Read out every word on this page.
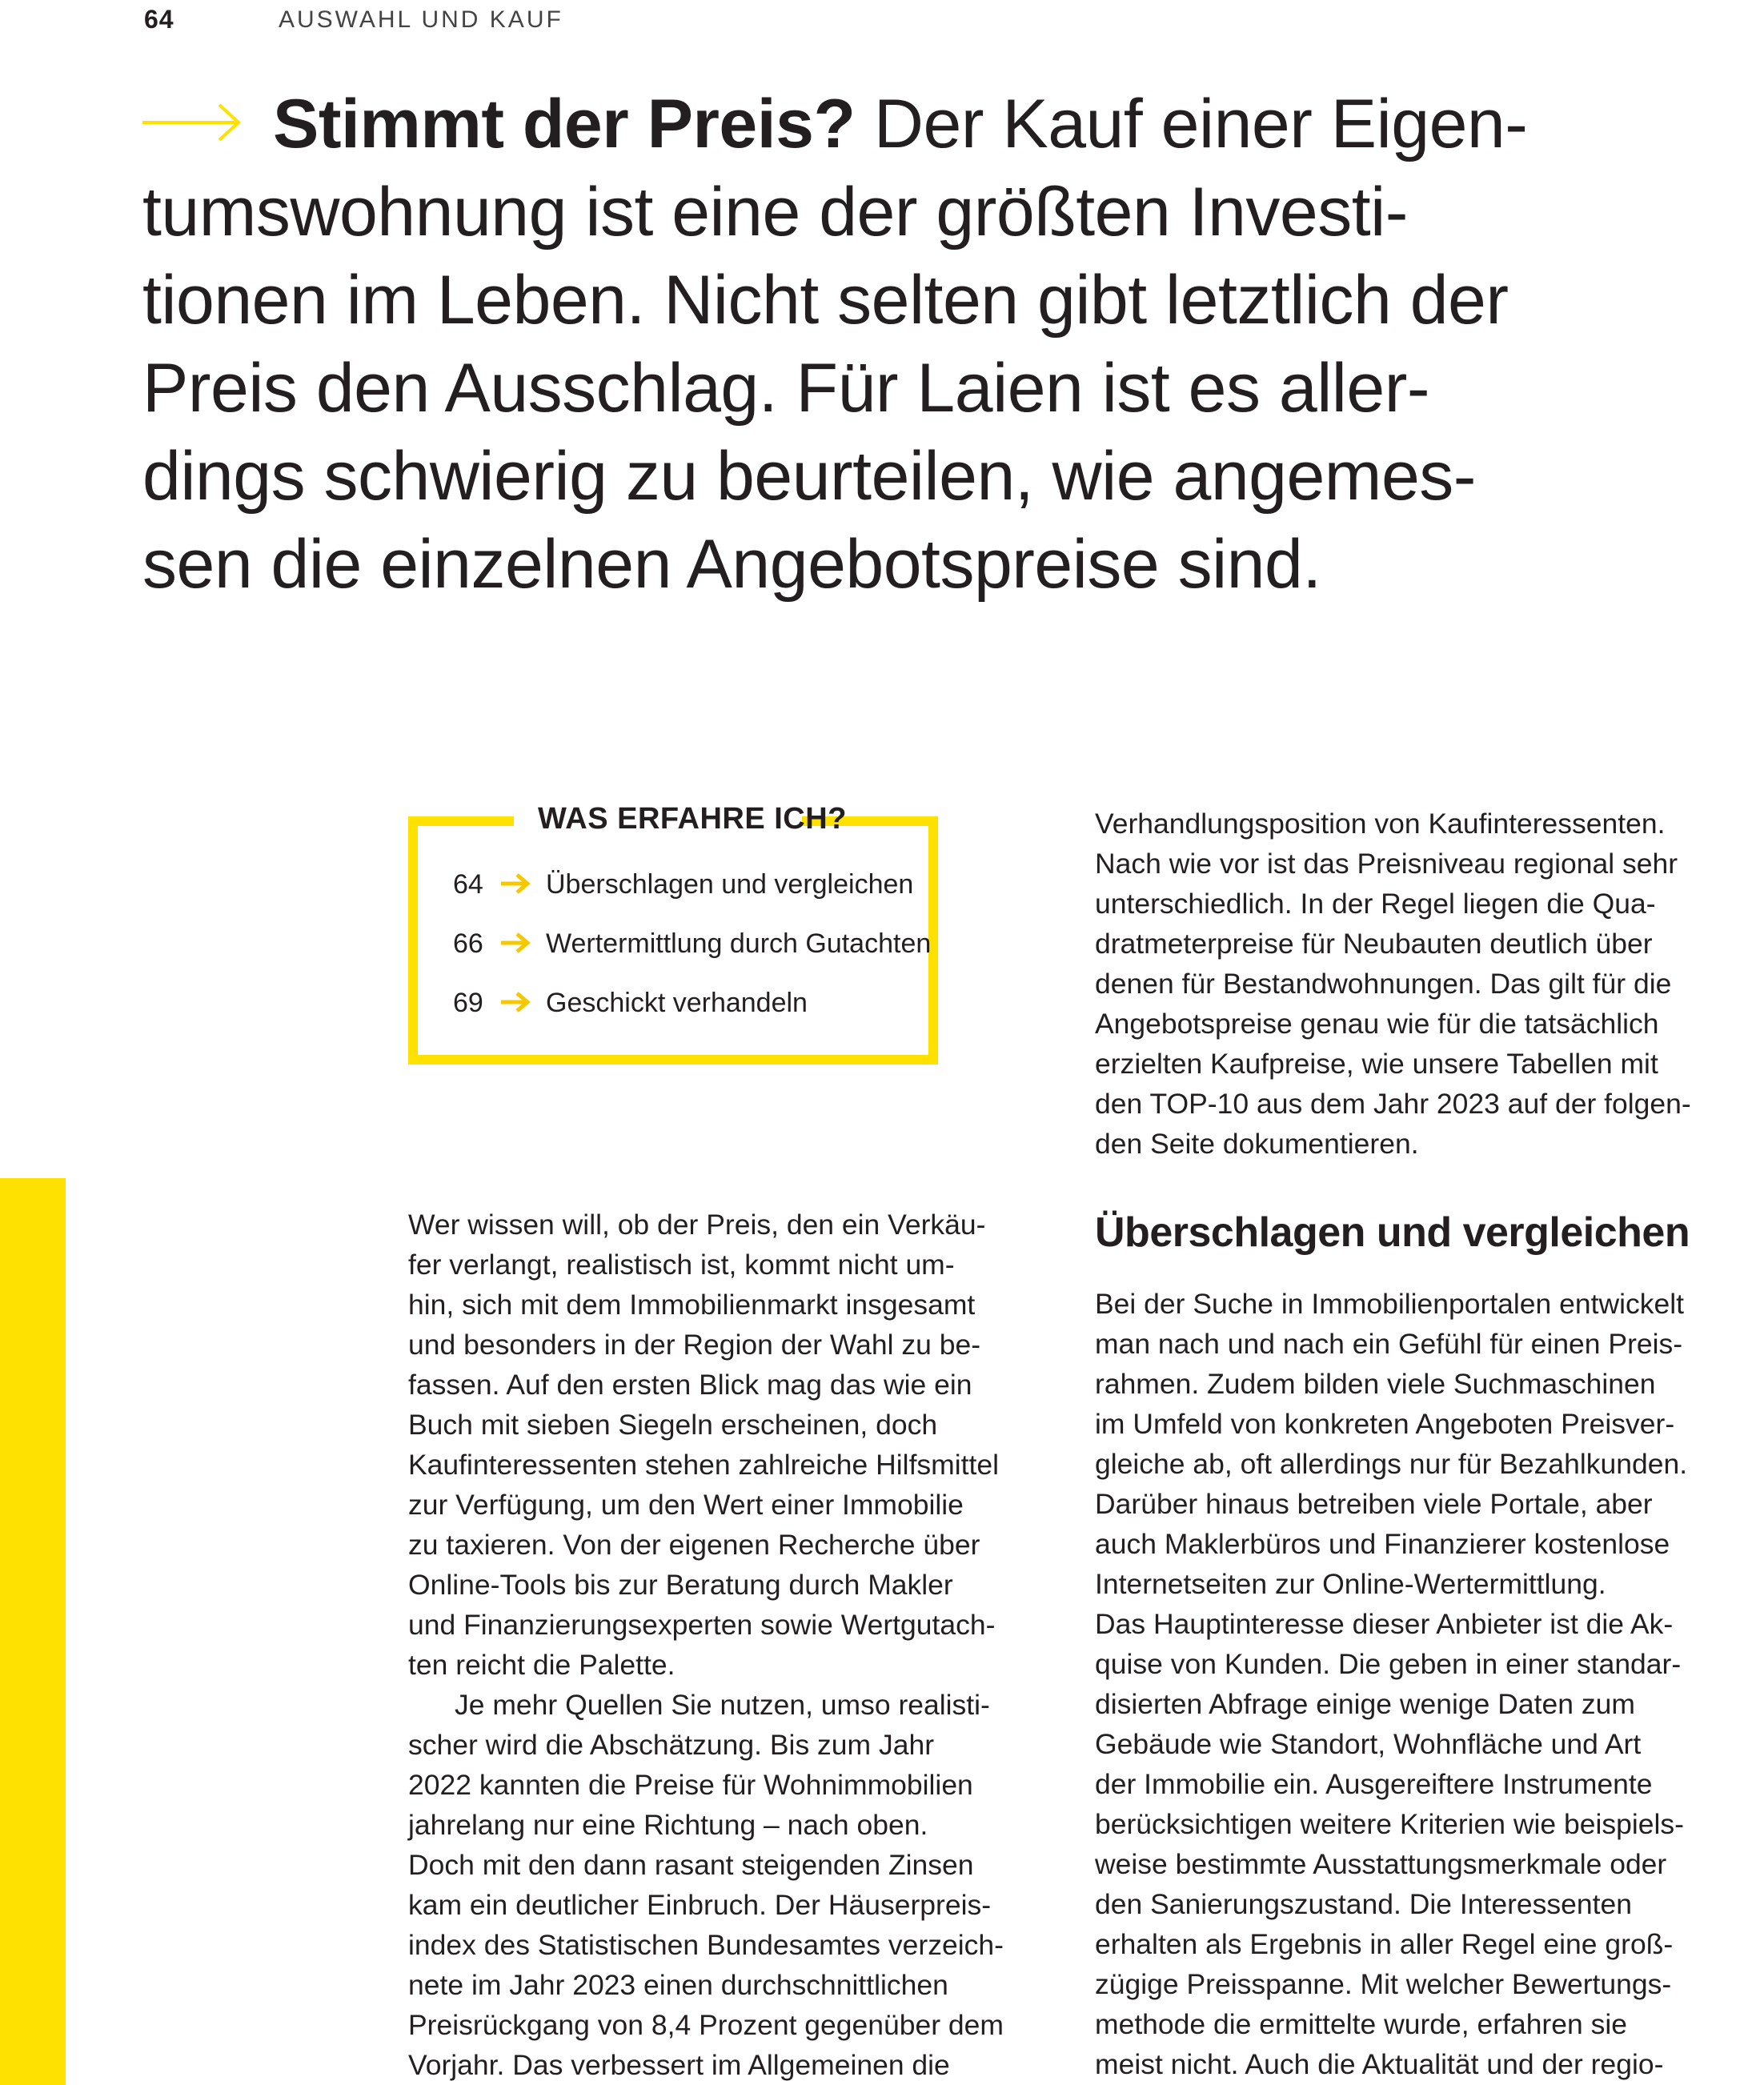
64	AUSWAHL UND KAUF
Stimmt der Preis? Der Kauf einer Eigen-
tumswohnung ist eine der größten Investi-
tionen im Leben. Nicht selten gibt letztlich der
Preis den Ausschlag. Für Laien ist es aller-
dings schwierig zu beurteilen, wie angemes-
sen die einzelnen Angebotspreise sind.
WAS ERFAHRE ICH?
64 Überschlagen und vergleichen
66 Wertermittlung durch Gutachten
69 Geschickt verhandeln

Wer wissen will, ob der Preis, den ein Verkäu-
fer verlangt, realistisch ist, kommt nicht um-
hin, sich mit dem Immobilienmarkt insgesamt
und besonders in der Region der Wahl zu be-
fassen. Auf den ersten Blick mag das wie ein
Buch mit sieben Siegeln erscheinen, doch
Kaufinteressenten stehen zahlreiche Hilfsmittel
zur Verfügung, um den Wert einer Immobilie
zu taxieren. Von der eigenen Recherche über
Online-Tools bis zur Beratung durch Makler
und Finanzierungsexperten sowie Wertgutach-
ten reicht die Palette.

Je mehr Quellen Sie nutzen, umso realisti-
scher wird die Abschätzung. Bis zum Jahr
2022 kannten die Preise für Wohnimmobilien
jahrelang nur eine Richtung – nach oben.
Doch mit den dann rasant steigenden Zinsen
kam ein deutlicher Einbruch. Der Häuserpreis-
index des Statistischen Bundesamtes verzeich-
nete im Jahr 2023 einen durchschnittlichen
Preisrückgang von 8,4 Prozent gegenüber dem
Vorjahr. Das verbessert im Allgemeinen die

Verhandlungsposition von Kaufinteressenten.
Nach wie vor ist das Preisniveau regional sehr
unterschiedlich. In der Regel liegen die Qua-
dratmeterpreise für Neubauten deutlich über
denen für Bestandwohnungen. Das gilt für die
Angebotspreise genau wie für die tatsächlich
erzielten Kaufpreise, wie unsere Tabellen mit
den TOP-10 aus dem Jahr 2023 auf der folgen-
den Seite dokumentieren.
Überschlagen und vergleichen
Bei der Suche in Immobilienportalen entwickelt
man nach und nach ein Gefühl für einen Preis-
rahmen. Zudem bilden viele Suchmaschinen
im Umfeld von konkreten Angeboten Preisver-
gleiche ab, oft allerdings nur für Bezahlkunden.
Darüber hinaus betreiben viele Portale, aber
auch Maklerbüros und Finanzierer kostenlose
Internetseiten zur Online-Wertermittlung.
Das Hauptinteresse dieser Anbieter ist die Ak-
quise von Kunden. Die geben in einer standar-
disierten Abfrage einige wenige Daten zum
Gebäude wie Standort, Wohnfläche und Art
der Immobilie ein. Ausgereiftere Instrumente
berücksichtigen weitere Kriterien wie beispiels-
weise bestimmte Ausstattungsmerkmale oder
den Sanierungszustand. Die Interessenten
erhalten als Ergebnis in aller Regel eine groß-
zügige Preisspanne. Mit welcher Bewertungs-
methode die ermittelte wurde, erfahren sie
meist nicht. Auch die Aktualität und der regio-
